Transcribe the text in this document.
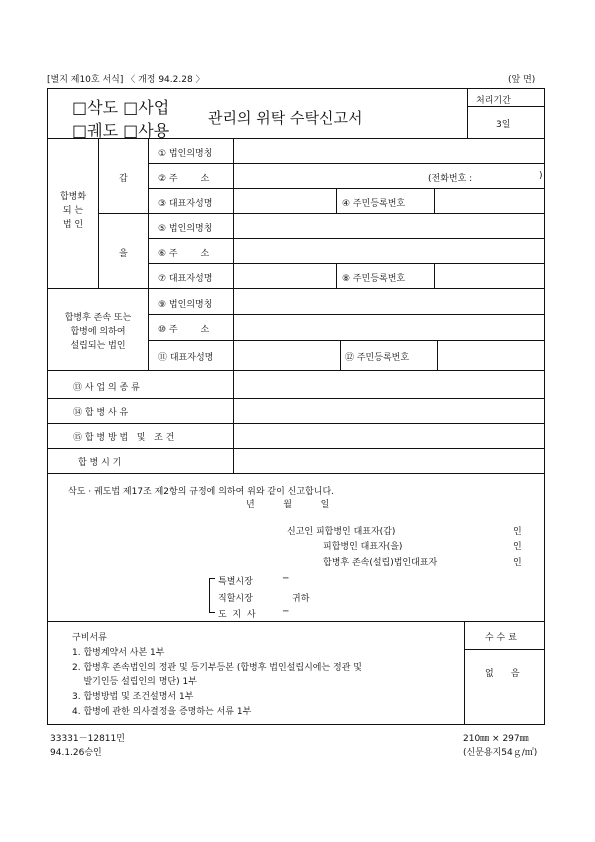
[별지 제10호 서식] 〈 개정 94.2.28 〉	(앞 면)
□삭도 □사업
□궤도 □사용
관리의 위탁 수탁신고서
처리기간
3일
합병화
되 는
법 인
갑
을
① 법인의명칭
② 주        소	(전화번호 :	)
③ 대표자성명	④ 주민등록번호
⑤ 법인의명칭
⑥ 주        소
⑦ 대표자성명	⑧ 주민등록번호
합병후 존속 또는
합병에 의하여
설립되는 법인
⑨ 법인의명칭
⑩ 주        소
⑪ 대표자성명	⑫ 주민등록번호
⑬ 사 업 의 종 류
⑭ 합 병 사 유
⑮ 합 병 방 법   및   조 건
합 병 시 기
삭도 · 궤도법 제17조 제2항의 규정에 의하여 위와 같이 신고합니다.
년          월          일
신고인 피합병인 대표자(갑)	인
피합병인 대표자(을)	인
합병후 존속(설립)법인대표자	인
특별시장	─
직할시장	귀하
도  지  사	─
구비서류
1. 합병계약서 사본 1부
2. 합병후 존속법인의 정관 및 등기부등본 (합병후 법인설립시에는 정관 및
발기인등 설립인의 명단) 1부
3. 합병방법 및 조건설명서 1부
4. 합병에 관한 의사결정을 증명하는 서류 1부
수 수 료
없      음
33331－12811민
94.1.26승인
210㎜ × 297㎜
(신문용지54ｇ/㎡)
